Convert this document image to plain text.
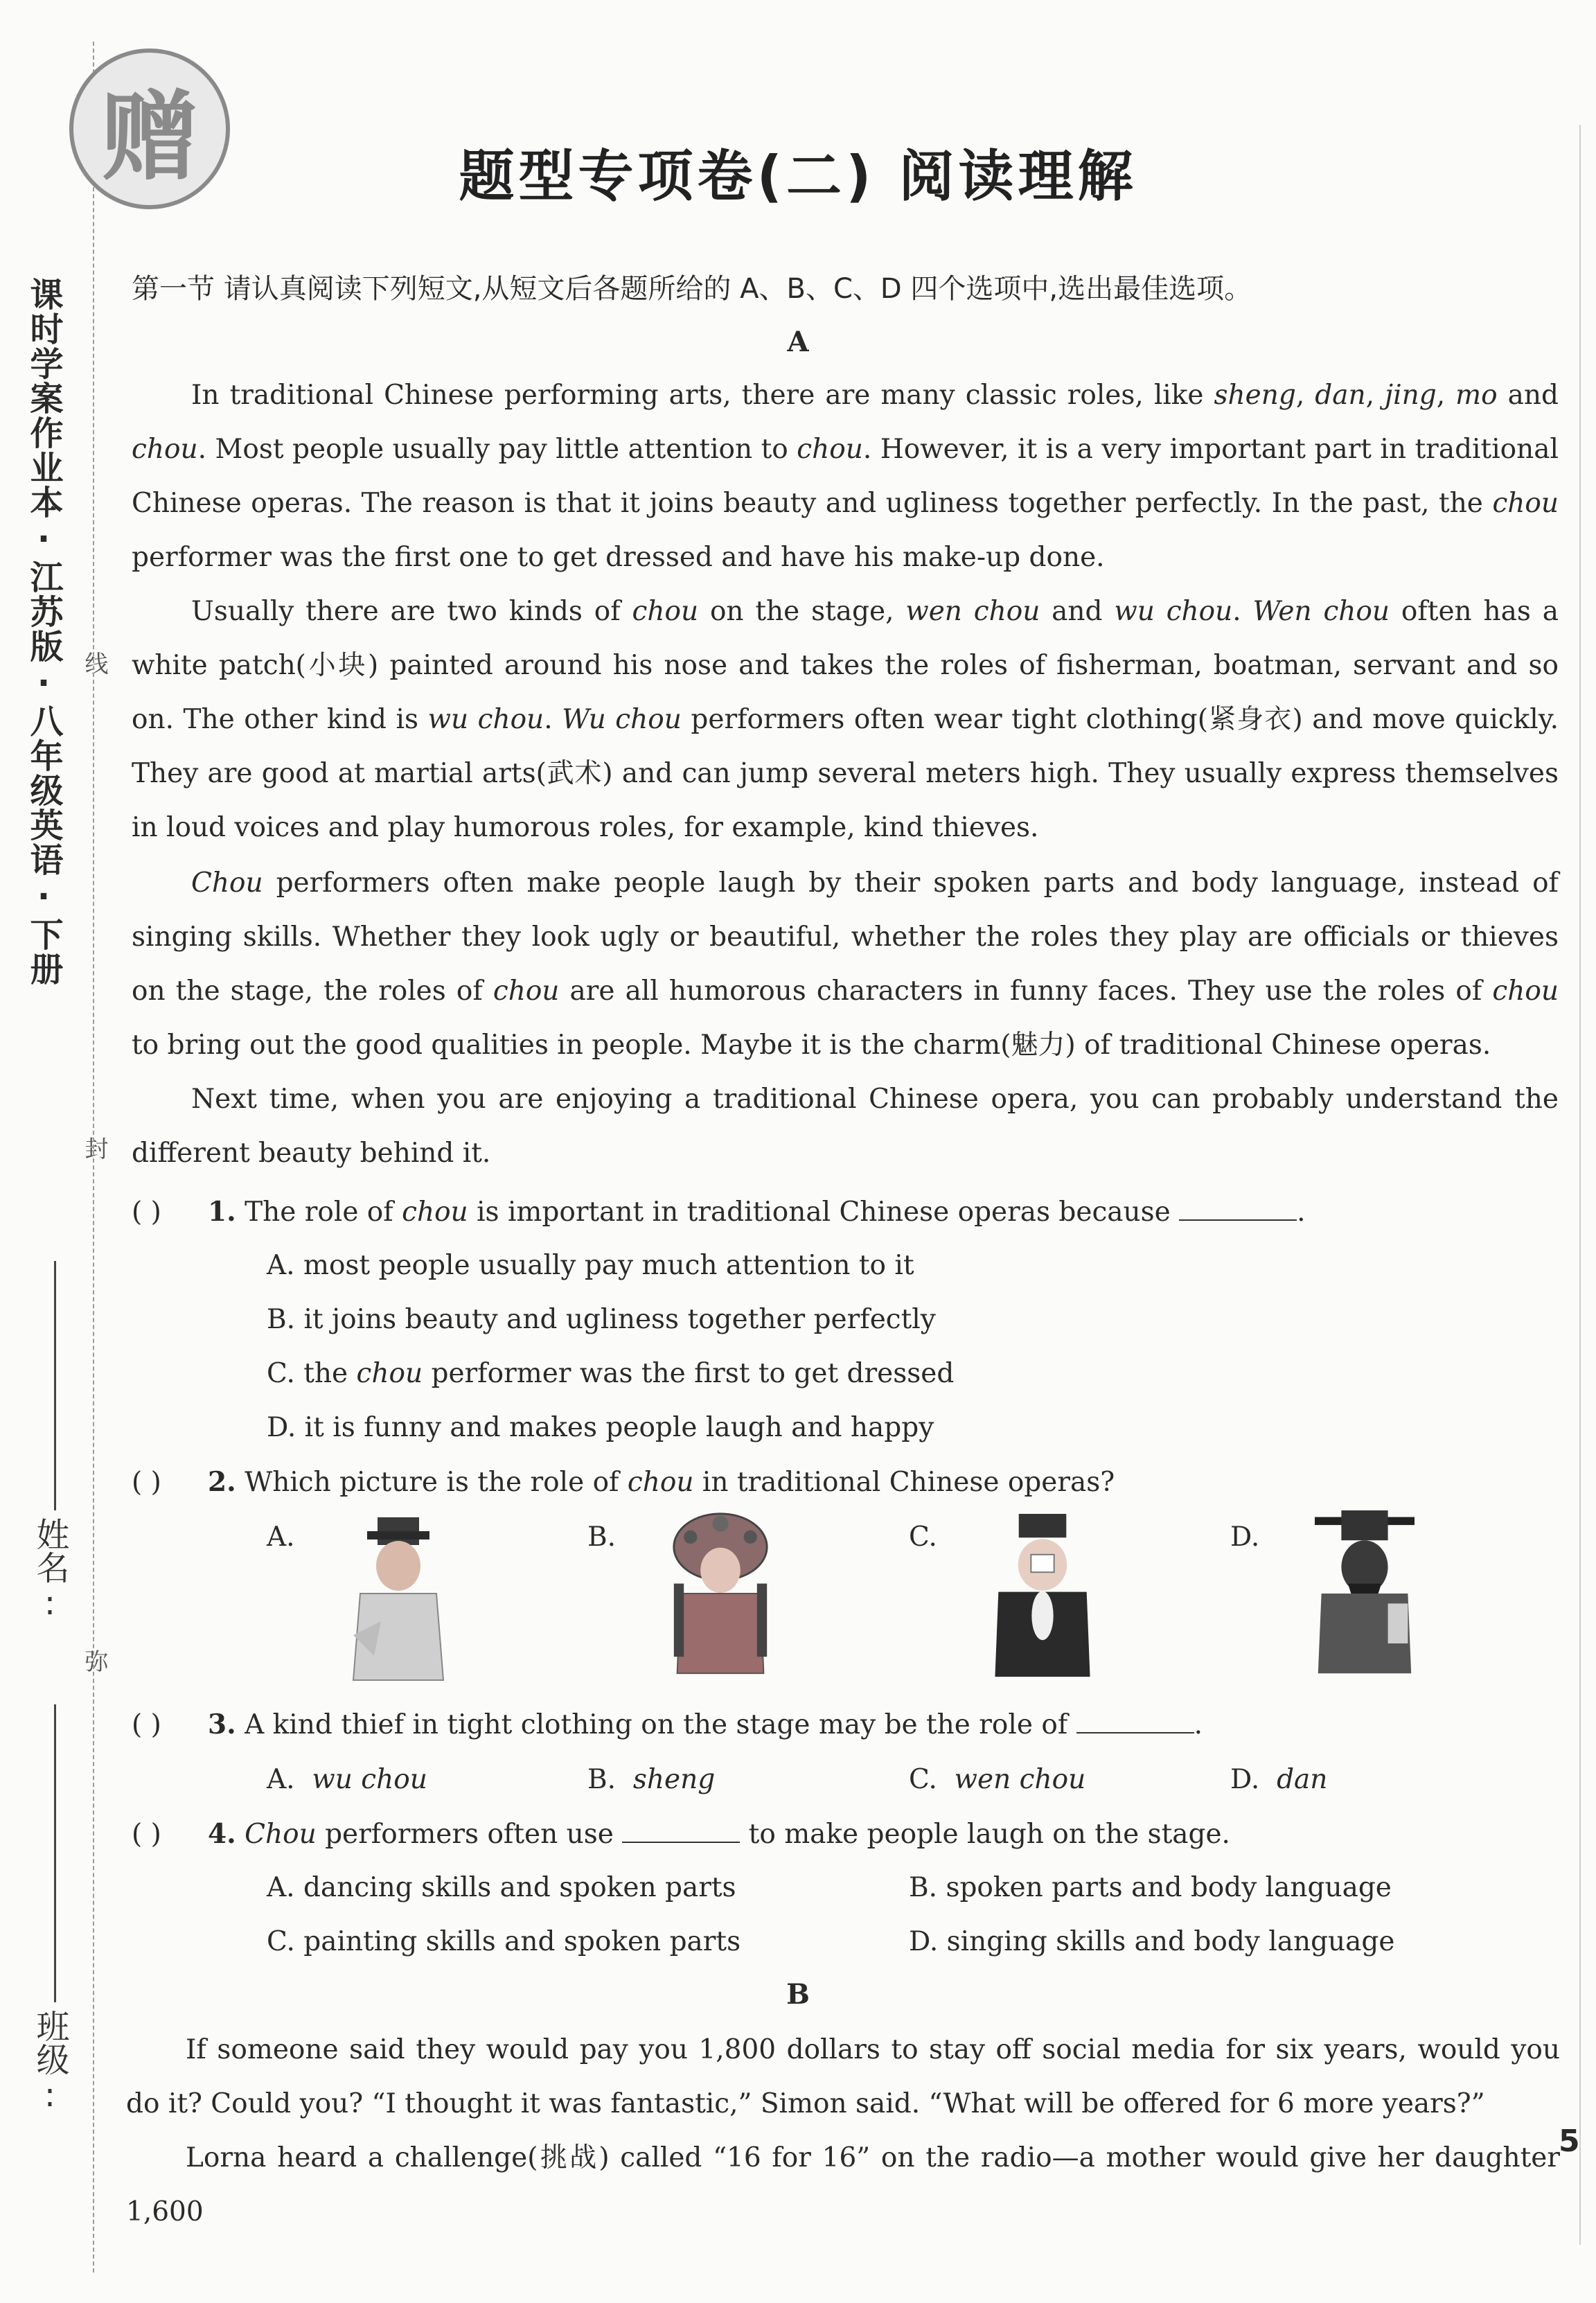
课时学案作业本·江苏版·八年级英语·下册
姓名:
班级:
线
封
弥
赠	题型专项卷(二) 阅读理解
第一节 请认真阅读下列短文,从短文后各题所给的 A、B、C、D 四个选项中,选出最佳选项。
A

In traditional Chinese performing arts, there are many classic roles, like sheng, dan, jing, mo and chou. Most people usually pay little attention to chou. However, it is a very important part in traditional Chinese operas. The reason is that it joins beauty and ugliness together perfectly. In the past, the chou performer was the first one to get dressed and have his make-up done.

Usually there are two kinds of chou on the stage, wen chou and wu chou. Wen chou often has a white patch(小块) painted around his nose and takes the roles of fisherman, boatman, servant and so on. The other kind is wu chou. Wu chou performers often wear tight clothing(紧身衣) and move quickly. They are good at martial arts(武术) and can jump several meters high. They usually express themselves in loud voices and play humorous roles, for example, kind thieves.

Chou performers often make people laugh by their spoken parts and body language, instead of singing skills. Whether they look ugly or beautiful, whether the roles they play are officials or thieves on the stage, the roles of chou are all humorous characters in funny faces. They use the roles of chou to bring out the good qualities in people. Maybe it is the charm(魅力) of traditional Chinese operas.

Next time, when you are enjoying a traditional Chinese opera, you can probably understand the different beauty behind it.

( ) 1. The role of chou is important in traditional Chinese operas because	.
A. most people usually pay much attention to it
B. it joins beauty and ugliness together perfectly
C. the chou performer was the first to get dressed
D. it is funny and makes people laugh and happy
( ) 2. Which picture is the role of chou in traditional Chinese operas?
A.	B.	C.	D.
( ) 3. A kind thief in tight clothing on the stage may be the role of	.
A. wu chou	B. sheng	C. wen chou	D. dan
( ) 4. Chou performers often use	to make people laugh on the stage.
A. dancing skills and spoken parts	B. spoken parts and body language
C. painting skills and spoken parts	D. singing skills and body language
B

If someone said they would pay you 1,800 dollars to stay off social media for six years, would you do it? Could you? “I thought it was fantastic,” Simon said. “What will be offered for 6 more years?”

Lorna heard a challenge(挑战) called “16 for 16” on the radio—a mother would give her daughter 1,600

5
